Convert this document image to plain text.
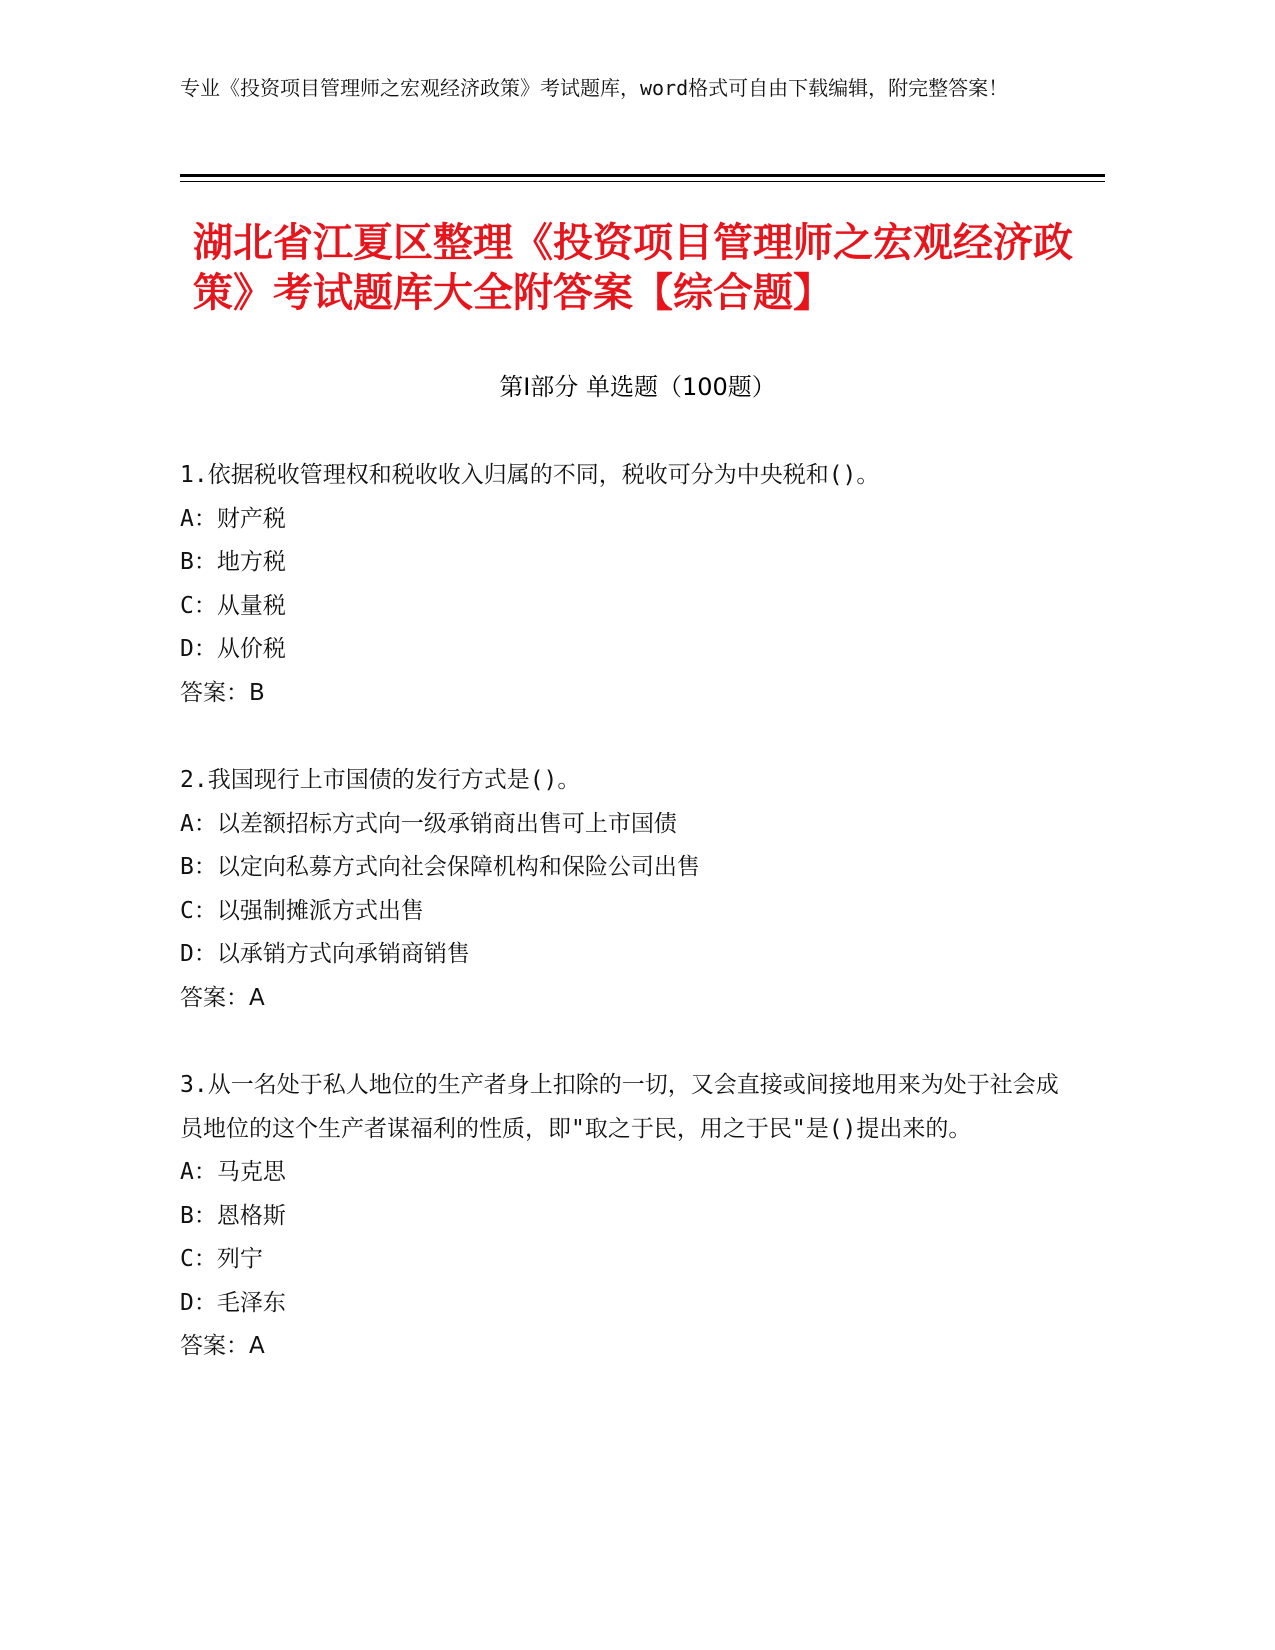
专业《投资项目管理师之宏观经济政策》考试题库，word格式可自由下载编辑，附完整答案！
湖北省江夏区整理《投资项目管理师之宏观经济政策》考试题库大全附答案【综合题】
第Ⅰ部分 单选题（100题）

1.依据税收管理权和税收收入归属的不同，税收可分为中央税和()。

A：财产税

B：地方税

C：从量税

D：从价税

答案：B

2.我国现行上市国债的发行方式是()。

A：以差额招标方式向一级承销商出售可上市国债

B：以定向私募方式向社会保障机构和保险公司出售

C：以强制摊派方式出售

D：以承销方式向承销商销售

答案：A

3.从一名处于私人地位的生产者身上扣除的一切，又会直接或间接地用来为处于社会成员地位的这个生产者谋福利的性质，即"取之于民，用之于民"是()提出来的。

A：马克思

B：恩格斯

C：列宁

D：毛泽东

答案：A
